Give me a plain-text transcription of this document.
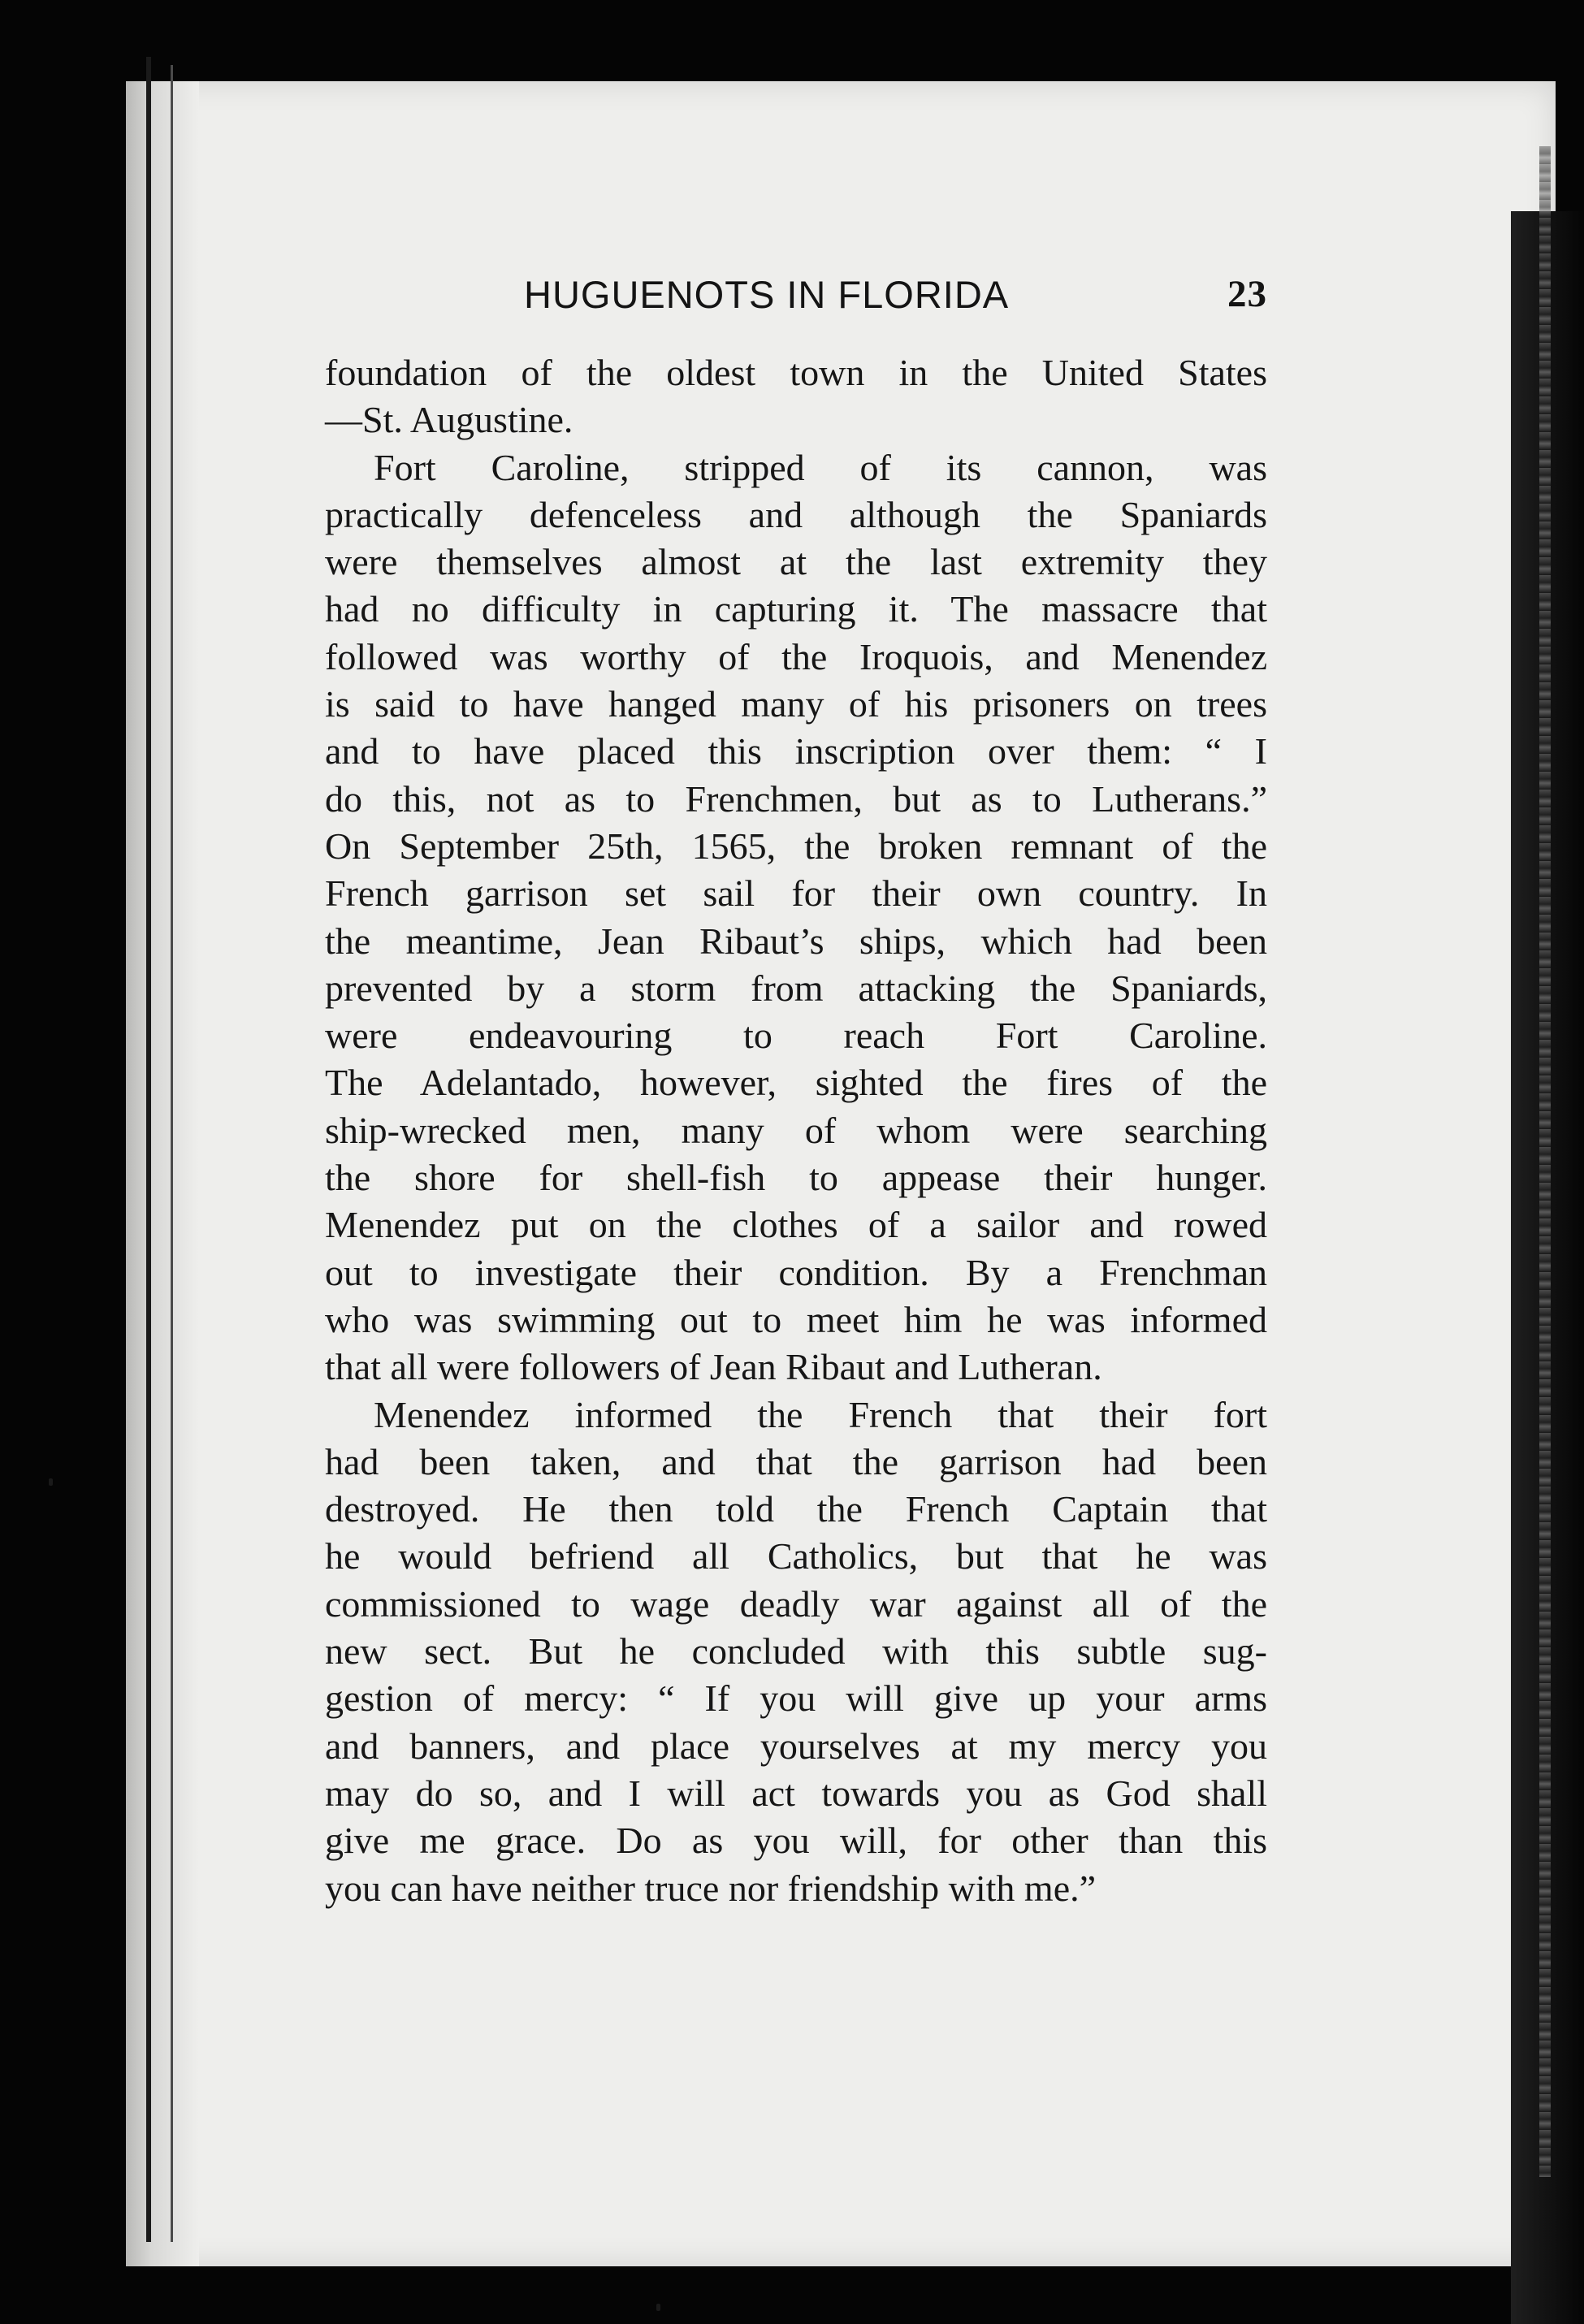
HUGUENOTS IN FLORIDA	23
foundation of the oldest town in the United States
—St. Augustine.
Fort Caroline, stripped of its cannon, was
practically defenceless and although the Spaniards
were themselves almost at the last extremity they
had no difficulty in capturing it. The massacre that
followed was worthy of the Iroquois, and Menendez
is said to have hanged many of his prisoners on trees
and to have placed this inscription over them: “ I
do this, not as to Frenchmen, but as to Lutherans.”
On September 25th, 1565, the broken remnant of the
French garrison set sail for their own country. In
the meantime, Jean Ribaut’s ships, which had been
prevented by a storm from attacking the Spaniards,
were endeavouring to reach Fort Caroline.
The Adelantado, however, sighted the fires of the
ship-wrecked men, many of whom were searching
the shore for shell-fish to appease their hunger.
Menendez put on the clothes of a sailor and rowed
out to investigate their condition. By a Frenchman
who was swimming out to meet him he was informed
that all were followers of Jean Ribaut and Lutheran.
Menendez informed the French that their fort
had been taken, and that the garrison had been
destroyed. He then told the French Captain that
he would befriend all Catholics, but that he was
commissioned to wage deadly war against all of the
new sect. But he concluded with this subtle sug-
gestion of mercy: “ If you will give up your arms
and banners, and place yourselves at my mercy you
may do so, and I will act towards you as God shall
give me grace. Do as you will, for other than this
you can have neither truce nor friendship with me.”
